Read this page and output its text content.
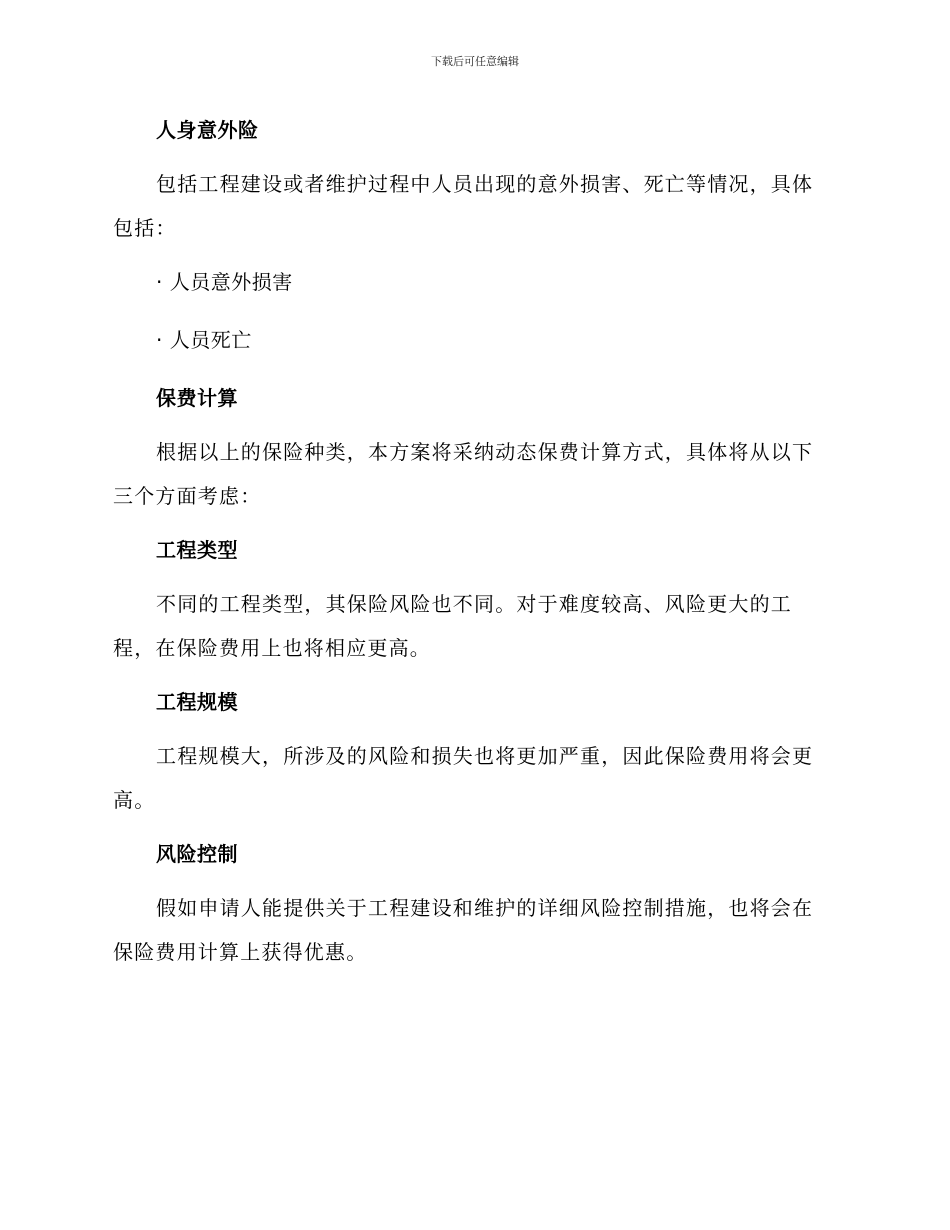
下载后可任意编辑
人身意外险

包括工程建设或者维护过程中人员出现的意外损害、死亡等情况，具体包括：

· 人员意外损害

· 人员死亡

保费计算

根据以上的保险种类，本方案将采纳动态保费计算方式，具体将从以下三个方面考虑：

工程类型

不同的工程类型，其保险风险也不同。对于难度较高、风险更大的工程，在保险费用上也将相应更高。

工程规模

工程规模大，所涉及的风险和损失也将更加严重，因此保险费用将会更高。

风险控制

假如申请人能提供关于工程建设和维护的详细风险控制措施，也将会在保险费用计算上获得优惠。
